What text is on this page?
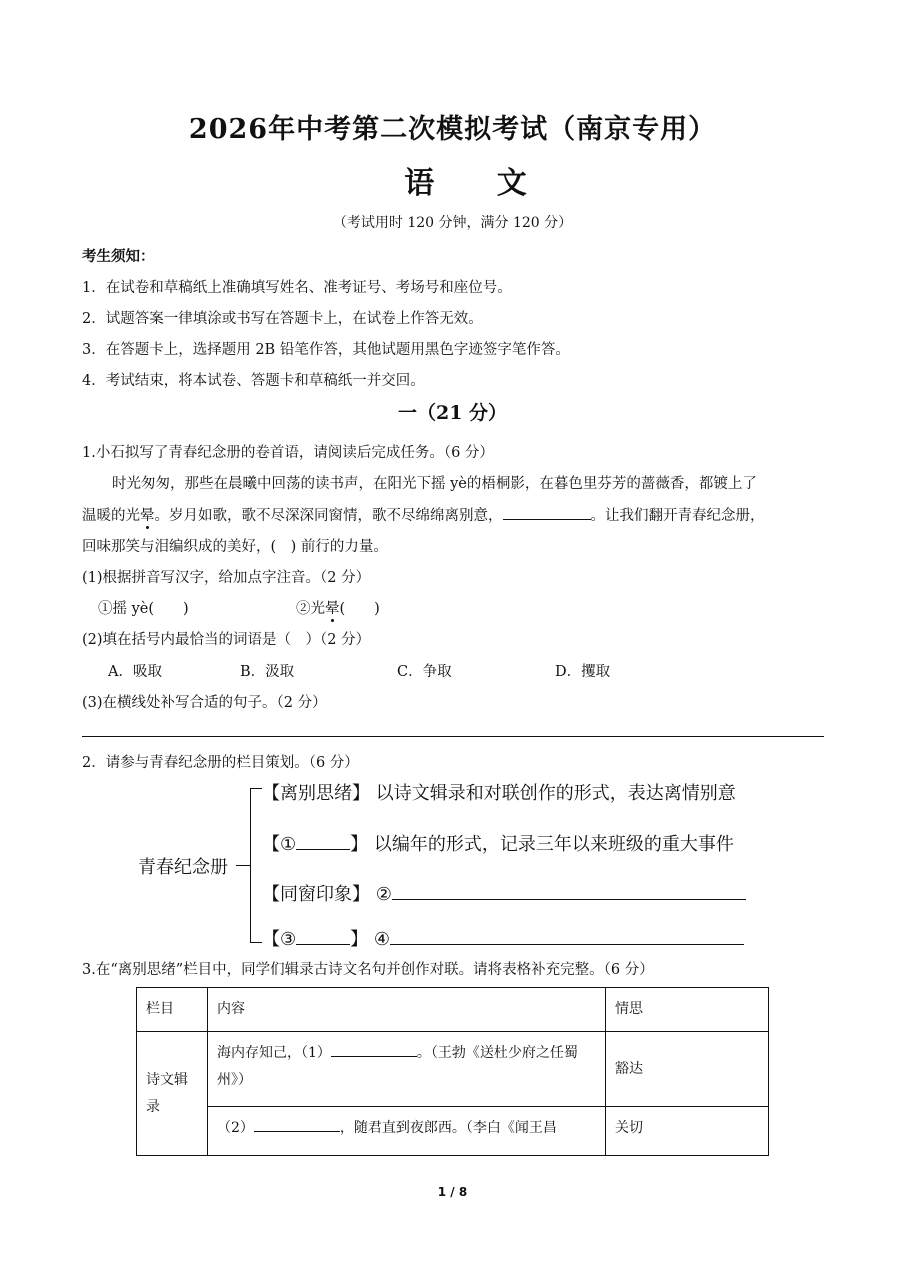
2026年中考第二次模拟考试（南京专用）
语 文
（考试用时 120 分钟，满分 120 分）
考生须知：
1．在试卷和草稿纸上准确填写姓名、准考证号、考场号和座位号。
2．试题答案一律填涂或书写在答题卡上，在试卷上作答无效。
3．在答题卡上，选择题用 2B 铅笔作答，其他试题用黑色字迹签字笔作答。
4．考试结束，将本试卷、答题卡和草稿纸一并交回。
一（21 分）
1.小石拟写了青春纪念册的卷首语，请阅读后完成任务。（6 分）
时光匆匆，那些在晨曦中回荡的读书声，在阳光下摇 yè的梧桐影，在暮色里芬芳的蔷薇香，都镀上了
温暖的光晕。岁月如歌，歌不尽深深同窗情，歌不尽绵绵离别意，	。让我们翻开青春纪念册，
回味那笑与泪编织成的美好，(　) 前行的力量。
(1)根据拼音写汉字，给加点字注音。（2 分）
①摇 yè(　　)	②光晕(　　)
(2)填在括号内最恰当的词语是（　）（2 分）
A．吸取	B．汲取	C．争取	D．攫取
(3)在横线处补写合适的句子。（2 分）
2．请参与青春纪念册的栏目策划。（6 分）
青春纪念册
【离别思绪】 以诗文辑录和对联创作的形式，表达离情别意
【①	】 以编年的形式，记录三年以来班级的重大事件
【同窗印象】 ②
【③	】 ④
3.在“离别思绪”栏目中，同学们辑录古诗文名句并创作对联。请将表格补充完整。（6 分）
栏目	内容	情思
诗文辑录	海内存知己，（1） 。（王勃《送杜少府之任蜀州》）	豁达
	（2） ，随君直到夜郎西。（李白《闻王昌	关切
1 / 8
